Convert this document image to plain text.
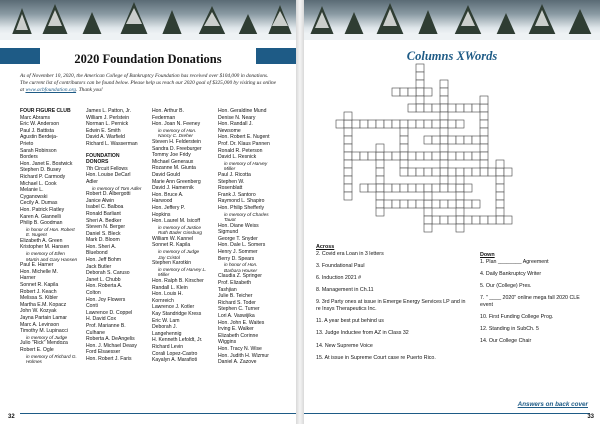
2020 Foundation Donations
As of November 10, 2020, the American College of Bankruptcy Foundation has received over $104,000 in donations. The current list of contributors can be found below. Please help us reach our 2020 goal of $325,000 by visiting us online at www.acbfoundation.org. Thank you!
FOUR FIGURE CLUB
Marc Abrams
Eric W. Anderson
Paul J. Battista
Agustin Berdeja-
Prieto
Sarah Robinson
Borders
Hon. Janet E. Bostwick
Stephen D. Busey
Richard P. Carmody
Michael L. Cook
Melanie L.
Cyganowski
Cecily A. Dumas
Hon. Patrick Flatley
Karen A. Giannelli
Philip B. Goodman
in honor of Hon. Robert
E. Nugent
Elizabeth A. Green
Kristopher M. Hansen
in memory of Ellen
Martin and Gary Hansen
Paul E. Harner
Hon. Michelle M.
Harner
Sonnet R. Kapila
Robert J. Keach
Melissa S. Kibler
Martha E.M. Kopacz
John W. Kozyak
Jayna Partain Lamar
Marc A. Levinson
Timothy M. Lupinacci
in memory of Judge
Julio "Rick" Mendoza
Robert E. Ogle
in memory of Richard G.
Holmes
James L. Patton, Jr.
William J. Perlstein
Norman L. Pernick
Edwin E. Smith
David A. Warfield
Richard L. Wasserman
FOUNDATION
DONORS
7th Circuit Fellows
Hon. Louise DeCarl
Adler
in memory of Tom Adler
Robert D. Albergotti
Janice Alwin
Isabel C. Balboa
Ronald Barliant
Sheri A. Bedker
Steven N. Berger
Daniel S. Bleck
Mark D. Bloom
Hon. Sheri A.
Bluebond
Hon. Jeff Bohm
Jack Butler
Deborah S. Caruso
Janet L. Chubb
Hon. Roberta A.
Colton
Hon. Joy Flowers
Conti
Lawrence D. Coppel
H. David Cox
Prof. Marianne B.
Culhane
Roberta A. DeAngelis
Hon. J. Michael Deasy
Ford Elsaesser
Hon. Robert J. Faris
Hon. Arthur B.
Federman
Hon. Joan N. Feeney
in memory of Hon.
Nancy C. Dreher
Steven H. Felderstein
Sandra D. Freeburger
Tommy Joe Fridy
Michael Generaux
Rozanne M. Giunta
David Gould
Marie Ann Greenberg
David J. Hamernik
Hon. Bruce A.
Harwood
Hon. Jeffery P.
Hopkins
Hon. Laurel M. Isicoff
in memory of Justice
Ruth Bader Ginsburg
William W. Kannel
Sonnet R. Kapila
in memory of Judge
Jay Cristol
Stephen Karotkin
in memory of Harvey L.
Miller
Hon. Ralph B. Kirscher
Randall L. Klein
Hon. Louis H.
Kornreich
Lawrence J. Kotler
Kay Standridge Kress
Eric W. Lam
Deborah J.
Langehennig
H. Kenneth Lefoldt, Jr.
Richard Levin
Corali Lopez-Castro
Kayalyn A. Marafioti
Hon. Geraldine Mund
Denise N. Neary
Hon. Randall J.
Newsome
Hon. Robert E. Nugent
Prof. Dr. Klaus Pannen
Ronald R. Peterson
David L. Resnick
in memory of Harvey
Miller
Paul J. Ricotta
Stephen W.
Rosenblatt
Frank J. Santoro
Raymond L. Shapiro
Hon. Philip Shefferly
in memory of Charles
Tauot
Hon. Diane Weiss
Sigmund
George T. Snyder
Hon. Dale L. Somers
Henry J. Sommer
Berry D. Spears
in honor of Hon.
Barbara Houser
Claudia Z. Springer
Prof. Elizabeth
Tashjian
Julie B. Teicher
Richard S. Toder
Stephen C. Turner
Lori A. Vaswijika
Hon. John E. Waites
Irving E. Walker
Elizabeth Corinne
Wiggins
Hon. Tracy N. Wise
Hon. Judith H. Wizmur
Daniel A. Zazove
32
Columns XWords
Across
2. Covid era Loan in 3 letters
3. Foundational Paul
6. Induction 2021 #
8. Management in Ch.11
9. 3rd Party ones at issue in Emerge Energy Services LP and in re Insys Therapeutics Inc.
11. A year best put behind us
13. Judge Inductee from AZ in Class 32
14. New Supreme Voice
15. At issue in Supreme Court case re Puerto Rico.
Down
1. Plan ________ Agreement
4. Daily Bankruptcy Writer
5. Our (College) Pres.
7. " ____ 2020" online mega fall 2020 CLE event
10. First Funding College Prog.
12. Standing in SubCh. 5
14. Our College Chair
Answers on back cover
33
